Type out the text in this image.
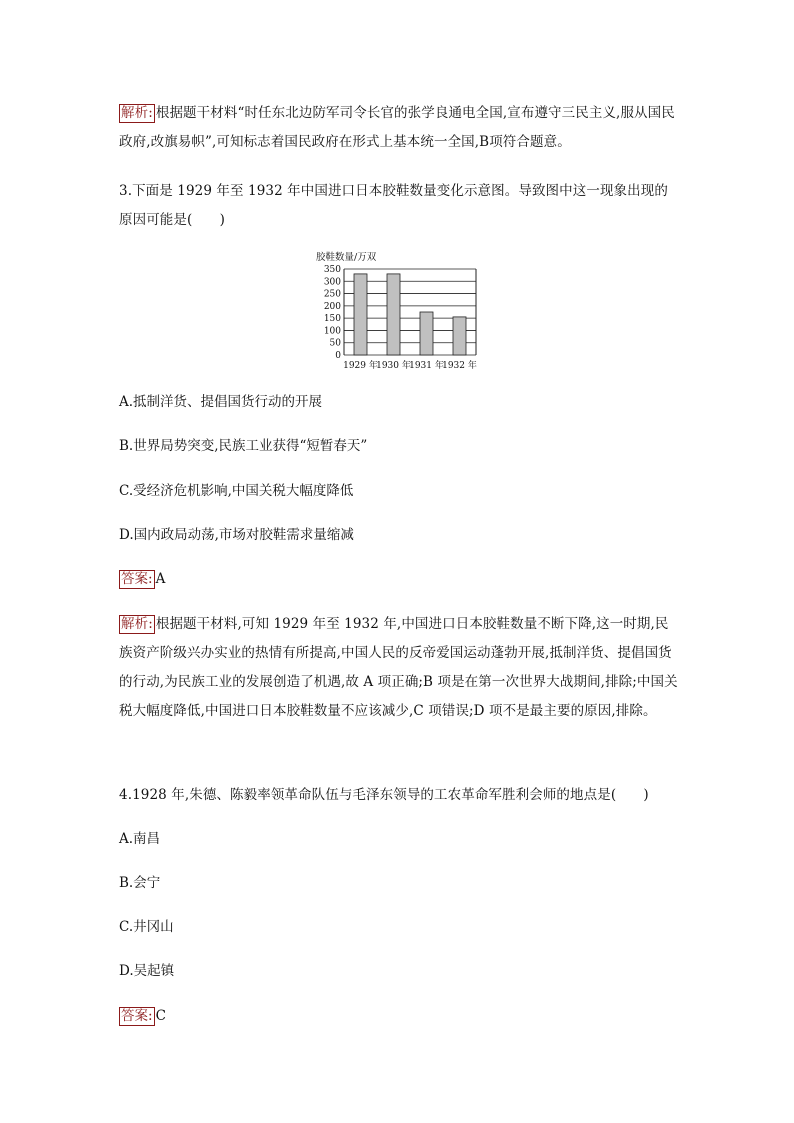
解析: 根据题干材料“时任东北边防军司令长官的张学良通电全国,宣布遵守三民主义,服从国民政府,改旗易帜”,可知标志着国民政府在形式上基本统一全国,B项符合题意。
3.下面是 1929 年至 1932 年中国进口日本胶鞋数量变化示意图。导致图中这一现象出现的原因可能是(　　)
胶鞋数量/万双
0
50
100
150
200
250
300
350
1929 年
1930 年
1931 年
1932 年
A.抵制洋货、提倡国货行动的开展
B.世界局势突变,民族工业获得“短暂春天”
C.受经济危机影响,中国关税大幅度降低
D.国内政局动荡,市场对胶鞋需求量缩减
答案: A
解析: 根据题干材料,可知 1929 年至 1932 年,中国进口日本胶鞋数量不断下降,这一时期,民族资产阶级兴办实业的热情有所提高,中国人民的反帝爱国运动蓬勃开展,抵制洋货、提倡国货的行动,为民族工业的发展创造了机遇,故 A 项正确;B 项是在第一次世界大战期间,排除;中国关税大幅度降低,中国进口日本胶鞋数量不应该减少,C 项错误;D 项不是最主要的原因,排除。
4.1928 年,朱德、陈毅率领革命队伍与毛泽东领导的工农革命军胜利会师的地点是(　　)
A.南昌
B.会宁
C.井冈山
D.吴起镇
答案: C
